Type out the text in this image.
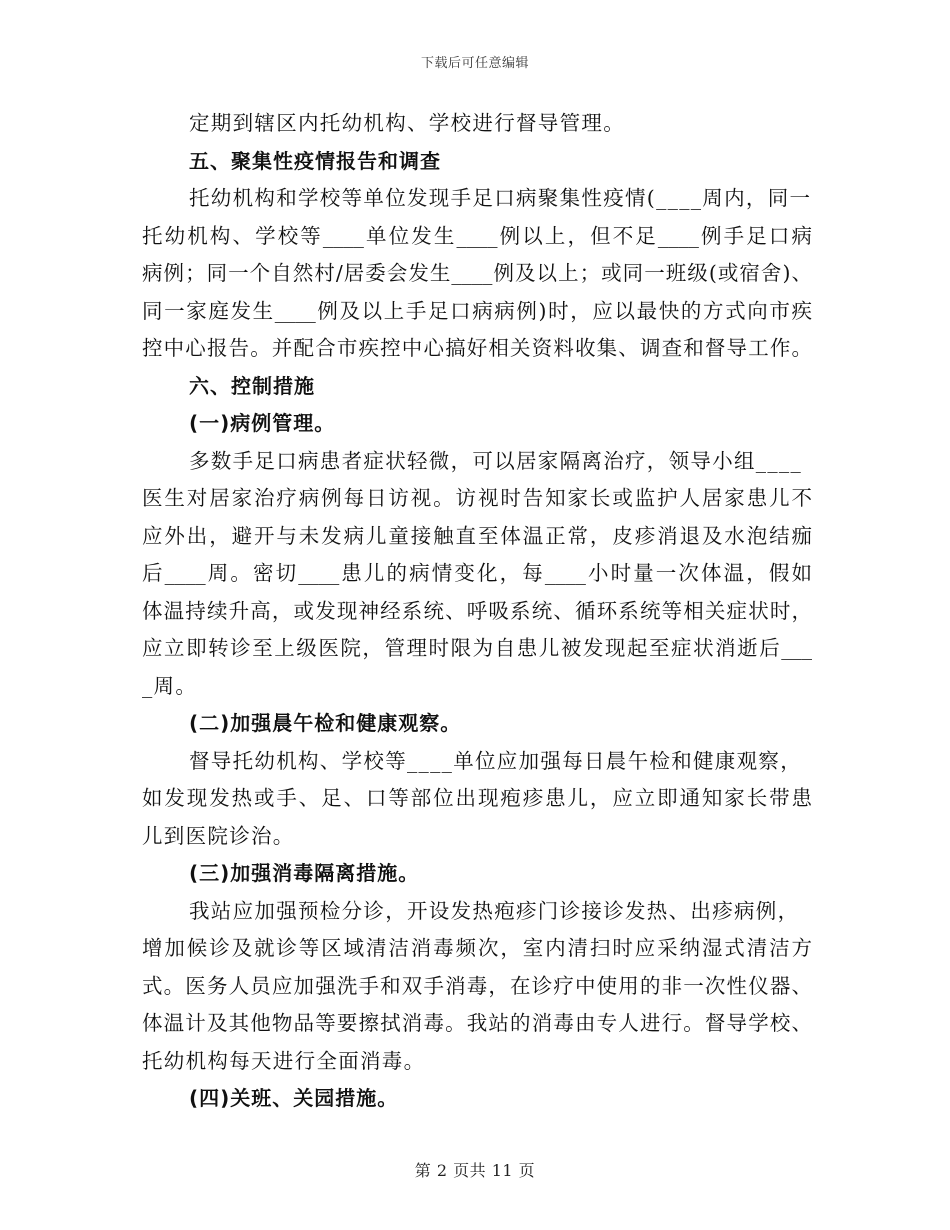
下载后可任意编辑
定期到辖区内托幼机构、学校进行督导管理。
五、聚集性疫情报告和调查
托幼机构和学校等单位发现手足口病聚集性疫情(____周内，同一
托幼机构、学校等____单位发生____例以上，但不足____例手足口病
病例；同一个自然村/居委会发生____例及以上；或同一班级(或宿舍)、
同一家庭发生____例及以上手足口病病例)时，应以最快的方式向市疾
控中心报告。并配合市疾控中心搞好相关资料收集、调查和督导工作。
六、控制措施
(一)病例管理。
多数手足口病患者症状轻微，可以居家隔离治疗，领导小组____
医生对居家治疗病例每日访视。访视时告知家长或监护人居家患儿不
应外出，避开与未发病儿童接触直至体温正常，皮疹消退及水泡结痂
后____周。密切____患儿的病情变化，每____小时量一次体温，假如
体温持续升高，或发现神经系统、呼吸系统、循环系统等相关症状时，
应立即转诊至上级医院，管理时限为自患儿被发现起至症状消逝后___
_周。
(二)加强晨午检和健康观察。
督导托幼机构、学校等____单位应加强每日晨午检和健康观察，
如发现发热或手、足、口等部位出现疱疹患儿，应立即通知家长带患
儿到医院诊治。
(三)加强消毒隔离措施。
我站应加强预检分诊，开设发热疱疹门诊接诊发热、出疹病例，
增加候诊及就诊等区域清洁消毒频次，室内清扫时应采纳湿式清洁方
式。医务人员应加强洗手和双手消毒，在诊疗中使用的非一次性仪器、
体温计及其他物品等要擦拭消毒。我站的消毒由专人进行。督导学校、
托幼机构每天进行全面消毒。
(四)关班、关园措施。
第 2 页共 11 页
